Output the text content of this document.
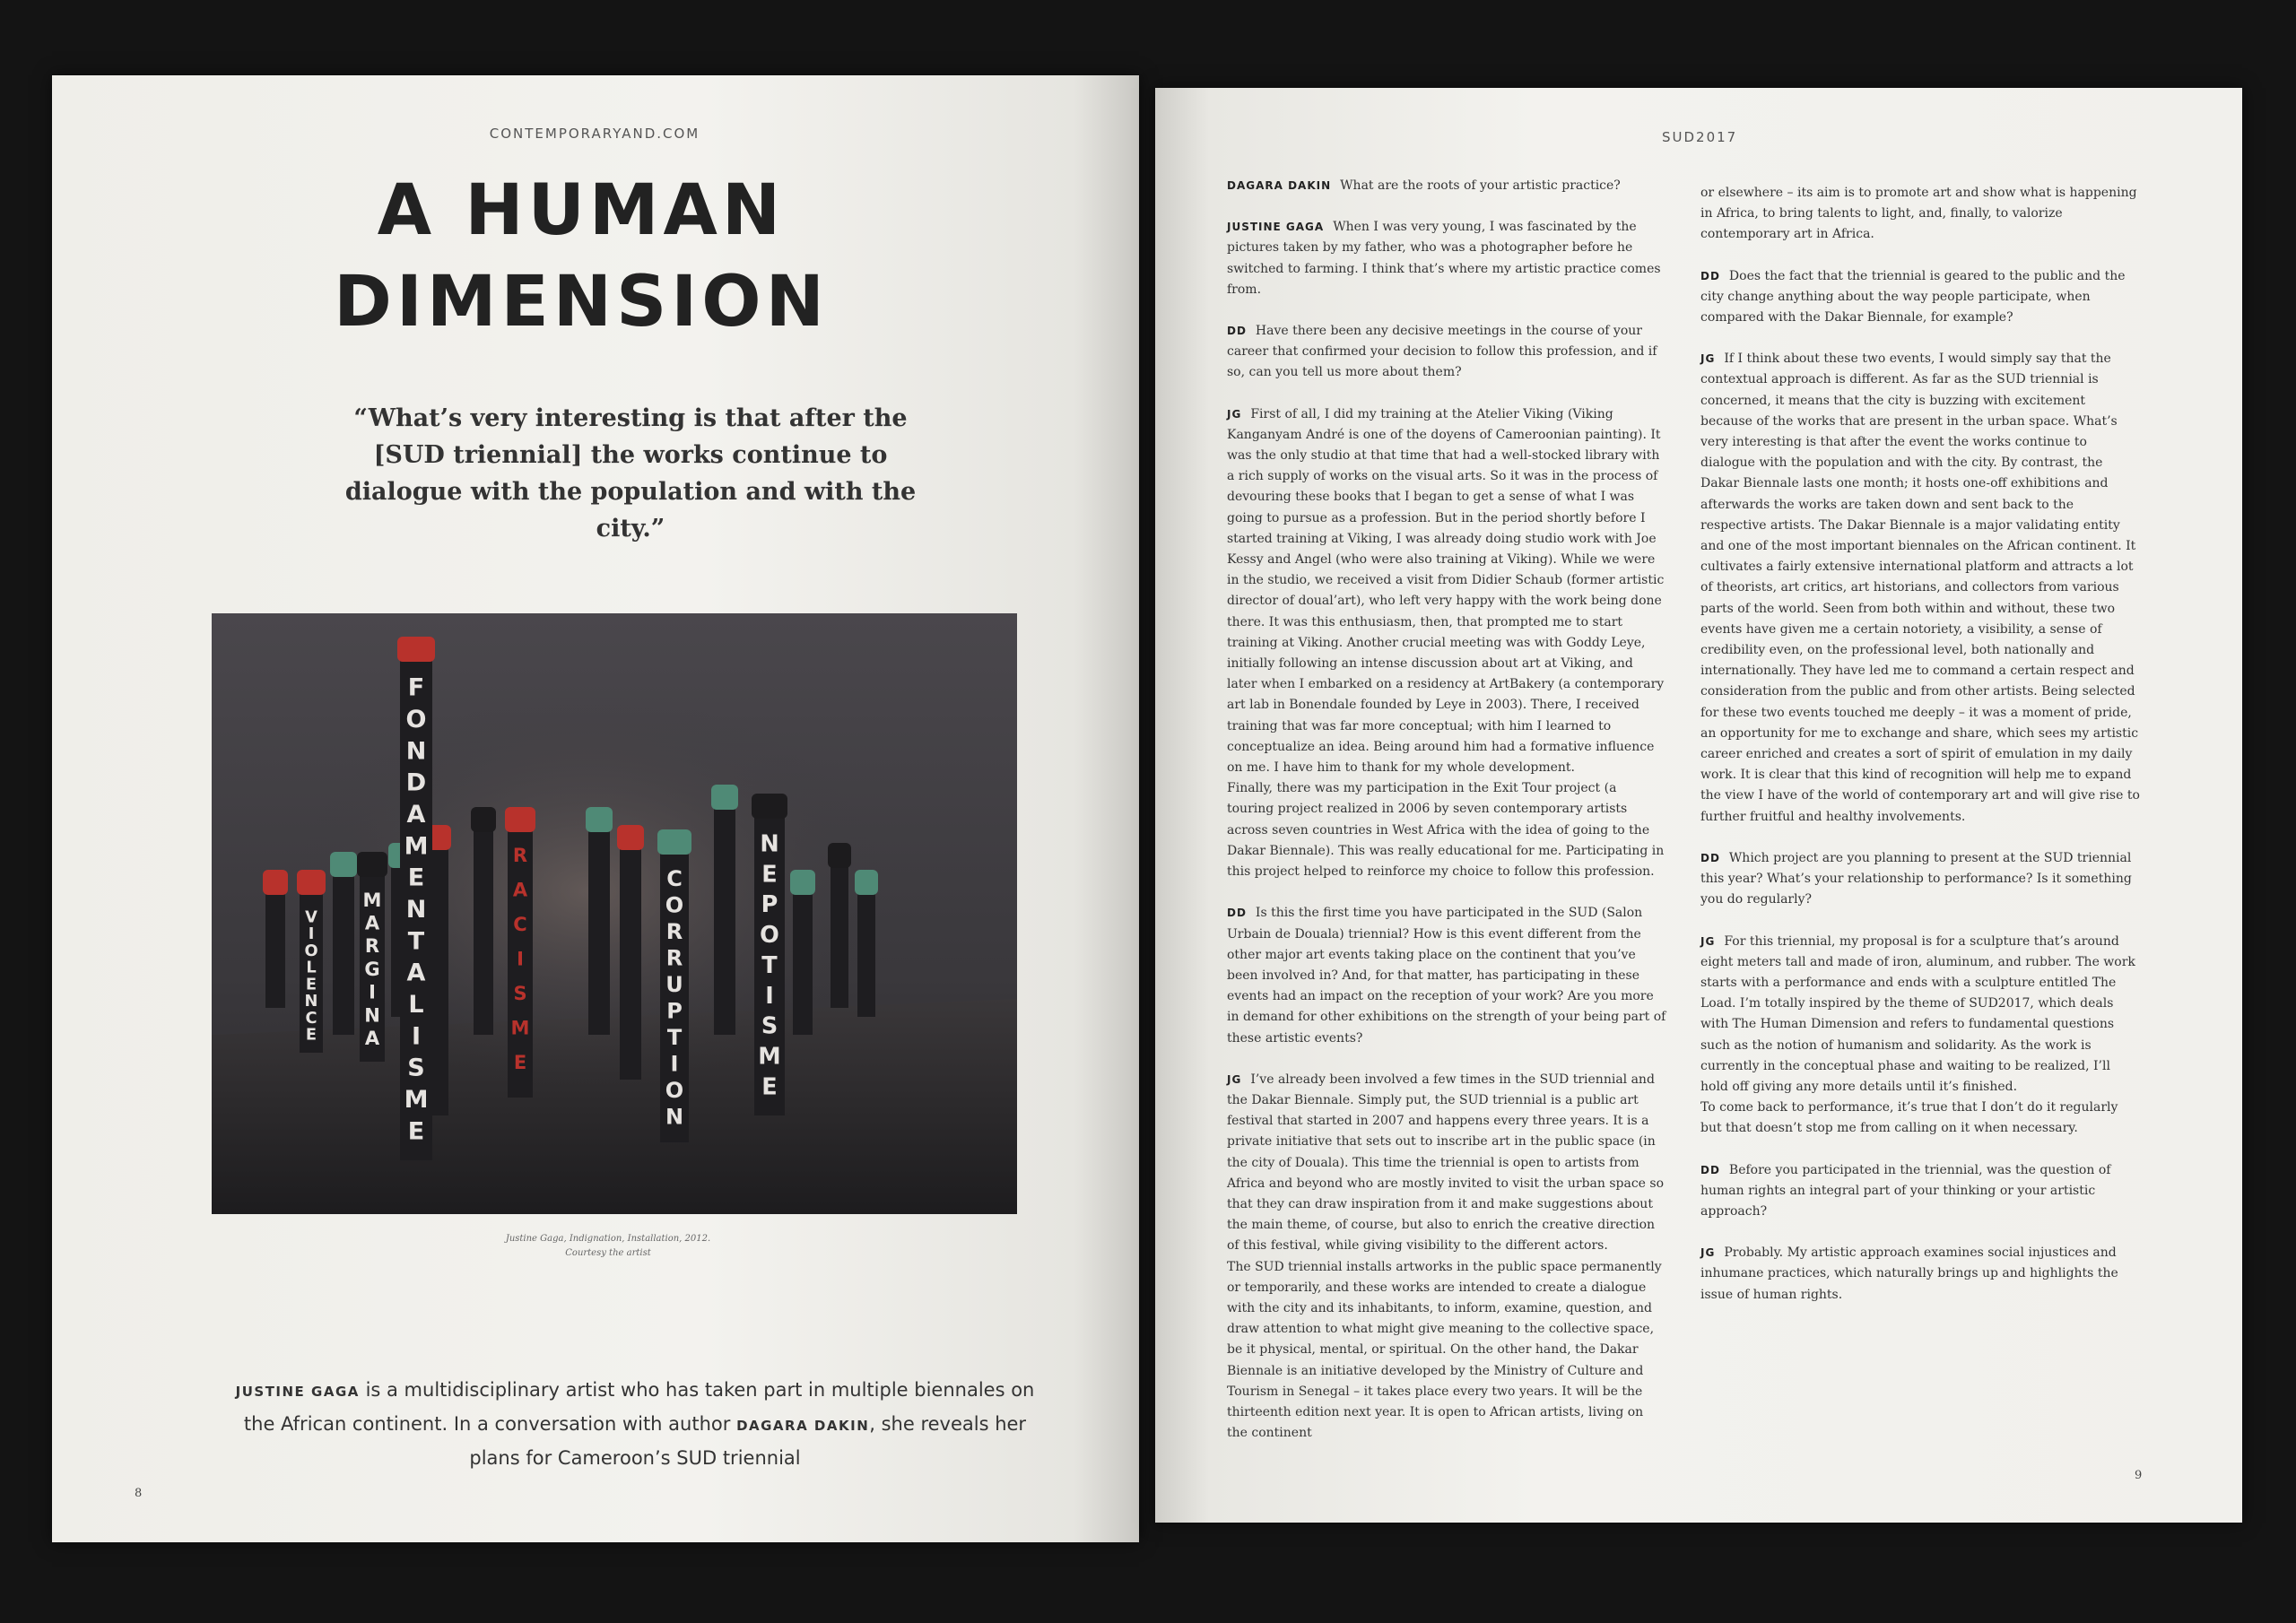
CONTEMPORARYAND.COM
A HUMAN
DIMENSION

“What’s very interesting is that after the [SUD triennial] the works continue to dialogue with the population and with the city.”

V
I
O
L
E
N
C
E
M
A
R
G
I
N
A
R
A
C
I
S
M
E
F
O
N
D
A
M
E
N
T
A
L
I
S
M
E
C
O
R
R
U
P
T
I
O
N
N
E
P
O
T
I
S
M
E
Justine Gaga, Indignation, Installation, 2012.
Courtesy the artist
JUSTINE GAGA is a multidisciplinary artist who has taken part in multiple biennales on the African continent. In a conversation with author DAGARA DAKIN, she reveals her plans for Cameroon’s SUD triennial
8
SUD2017

DAGARA DAKIN What are the roots of your artistic practice?

JUSTINE GAGA When I was very young, I was fascinated by the pictures taken by my father, who was a photographer before he switched to farming. I think that’s where my artistic practice comes from.

DD Have there been any decisive meetings in the course of your career that confirmed your decision to follow this profession, and if so, can you tell us more about them?

JG First of all, I did my training at the Atelier Viking (Viking Kanganyam André is one of the doyens of Cameroonian painting). It was the only studio at that time that had a well-stocked library with a rich supply of works on the visual arts. So it was in the process of devouring these books that I began to get a sense of what I was going to pursue as a profession. But in the period shortly before I started training at Viking, I was already doing studio work with Joe Kessy and Angel (who were also training at Viking). While we were in the studio, we received a visit from Didier Schaub (former artistic director of doual’art), who left very happy with the work being done there. It was this enthusiasm, then, that prompted me to start training at Viking. Another crucial meeting was with Goddy Leye, initially following an intense discussion about art at Viking, and later when I embarked on a residency at ArtBakery (a contemporary art lab in Bonendale founded by Leye in 2003). There, I received training that was far more conceptual; with him I learned to conceptualize an idea. Being around him had a formative influence on me. I have him to thank for my whole development.

Finally, there was my participation in the Exit Tour project (a touring project realized in 2006 by seven contemporary artists across seven countries in West Africa with the idea of going to the Dakar Biennale). This was really educational for me. Participating in this project helped to reinforce my choice to follow this profession.

DD Is this the first time you have participated in the SUD (Salon Urbain de Douala) triennial? How is this event different from the other major art events taking place on the continent that you’ve been involved in? And, for that matter, has participating in these events had an impact on the reception of your work? Are you more in demand for other exhibitions on the strength of your being part of these artistic events?

JG I’ve already been involved a few times in the SUD triennial and the Dakar Biennale. Simply put, the SUD triennial is a public art festival that started in 2007 and happens every three years. It is a private initiative that sets out to inscribe art in the public space (in the city of Douala). This time the triennial is open to artists from Africa and beyond who are mostly invited to visit the urban space so that they can draw inspiration from it and make suggestions about the main theme, of course, but also to enrich the creative direction of this festival, while giving visibility to the different actors.

The SUD triennial installs artworks in the public space permanently or temporarily, and these works are intended to create a dialogue with the city and its inhabitants, to inform, examine, question, and draw attention to what might give meaning to the collective space, be it physical, mental, or spiritual. On the other hand, the Dakar Biennale is an initiative developed by the Ministry of Culture and Tourism in Senegal – it takes place every two years. It will be the thirteenth edition next year. It is open to African artists, living on the continent

or elsewhere – its aim is to promote art and show what is happening in Africa, to bring talents to light, and, finally, to valorize contemporary art in Africa.

DD Does the fact that the triennial is geared to the public and the city change anything about the way people participate, when compared with the Dakar Biennale, for example?

JG If I think about these two events, I would simply say that the contextual approach is different. As far as the SUD triennial is concerned, it means that the city is buzzing with excitement because of the works that are present in the urban space. What’s very interesting is that after the event the works continue to dialogue with the population and with the city. By contrast, the Dakar Biennale lasts one month; it hosts one-off exhibitions and afterwards the works are taken down and sent back to the respective artists. The Dakar Biennale is a major validating entity and one of the most important biennales on the African continent. It cultivates a fairly extensive international platform and attracts a lot of theorists, art critics, art historians, and collectors from various parts of the world. Seen from both within and without, these two events have given me a certain notoriety, a visibility, a sense of credibility even, on the professional level, both nationally and internationally. They have led me to command a certain respect and consideration from the public and from other artists. Being selected for these two events touched me deeply – it was a moment of pride, an opportunity for me to exchange and share, which sees my artistic career enriched and creates a sort of spirit of emulation in my daily work. It is clear that this kind of recognition will help me to expand the view I have of the world of contemporary art and will give rise to further fruitful and healthy involvements.

DD Which project are you planning to present at the SUD triennial this year? What’s your relationship to performance? Is it something you do regularly?

JG For this triennial, my proposal is for a sculpture that’s around eight meters tall and made of iron, aluminum, and rubber. The work starts with a performance and ends with a sculpture entitled The Load. I’m totally inspired by the theme of SUD2017, which deals with The Human Dimension and refers to fundamental questions such as the notion of humanism and solidarity. As the work is currently in the conceptual phase and waiting to be realized, I’ll hold off giving any more details until it’s finished.

To come back to performance, it’s true that I don’t do it regularly but that doesn’t stop me from calling on it when necessary.

DD Before you participated in the triennial, was the question of human rights an integral part of your thinking or your artistic approach?

JG Probably. My artistic approach examines social injustices and inhumane practices, which naturally brings up and highlights the issue of human rights.

9
